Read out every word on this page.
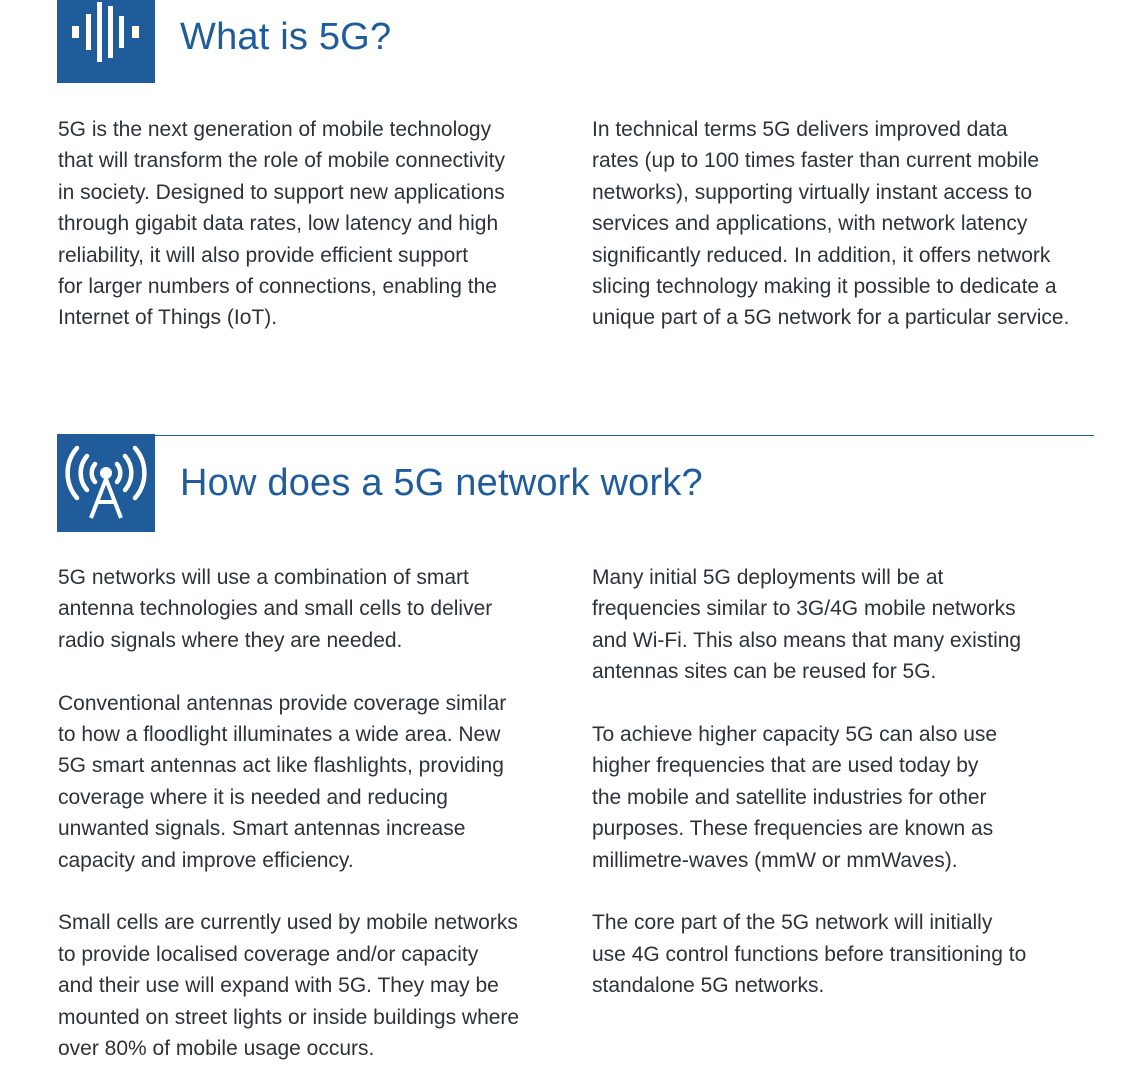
What is 5G?

5G is the next generation of mobile technology
that will transform the role of mobile connectivity
in society. Designed to support new applications
through gigabit data rates, low latency and high
reliability, it will also provide efficient support
for larger numbers of connections, enabling the
Internet of Things (IoT).

In technical terms 5G delivers improved data
rates (up to 100 times faster than current mobile
networks), supporting virtually instant access to
services and applications, with network latency
significantly reduced. In addition, it offers network
slicing technology making it possible to dedicate a
unique part of a 5G network for a particular service.

How does a 5G network work?

5G networks will use a combination of smart
antenna technologies and small cells to deliver
radio signals where they are needed.

Conventional antennas provide coverage similar
to how a floodlight illuminates a wide area. New
5G smart antennas act like flashlights, providing
coverage where it is needed and reducing
unwanted signals. Smart antennas increase
capacity and improve efficiency.

Small cells are currently used by mobile networks
to provide localised coverage and/or capacity
and their use will expand with 5G. They may be
mounted on street lights or inside buildings where
over 80% of mobile usage occurs.

Many initial 5G deployments will be at
frequencies similar to 3G/4G mobile networks
and Wi-Fi. This also means that many existing
antennas sites can be reused for 5G.

To achieve higher capacity 5G can also use
higher frequencies that are used today by
the mobile and satellite industries for other
purposes. These frequencies are known as
millimetre-waves (mmW or mmWaves).

The core part of the 5G network will initially
use 4G control functions before transitioning to
standalone 5G networks.
